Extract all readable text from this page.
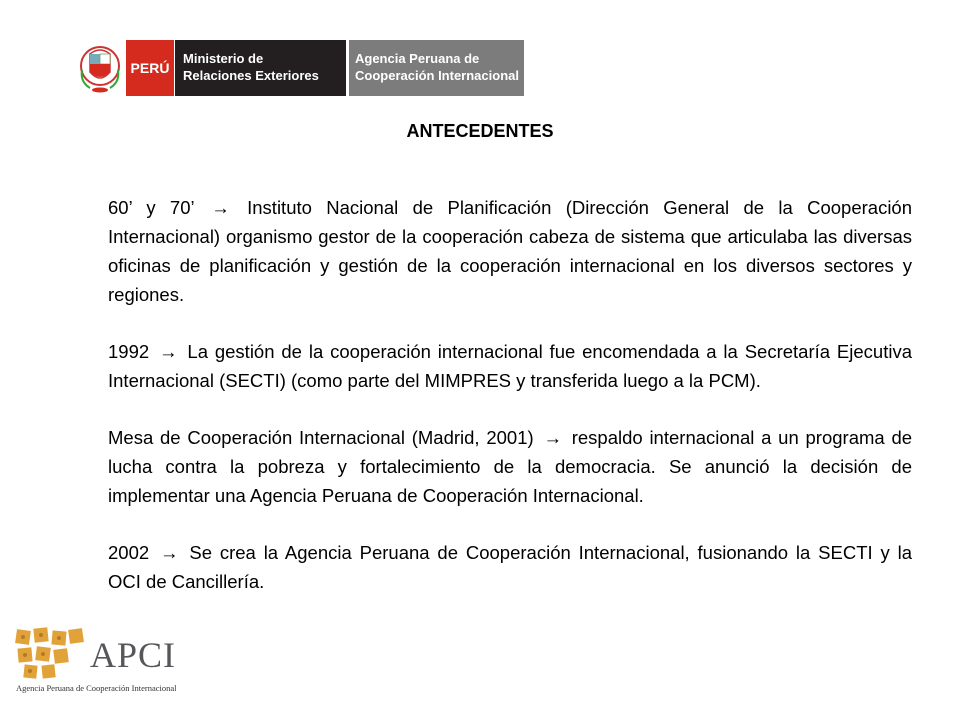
PERÚ
Ministerio de
Relaciones Exteriores
Agencia Peruana de
Cooperación Internacional
ANTECEDENTES

60’ y 70’ → Instituto Nacional de Planificación (Dirección General de la Cooperación Internacional) organismo gestor de la cooperación cabeza de sistema que articulaba las diversas oficinas de planificación y gestión de la cooperación internacional en los diversos sectores y regiones.

1992 → La gestión de la cooperación internacional fue encomendada a la Secretaría Ejecutiva Internacional (SECTI) (como parte del MIMPRES y transferida luego a la PCM).

Mesa de Cooperación Internacional (Madrid, 2001) → respaldo internacional a un programa de lucha contra la pobreza y fortalecimiento de la democracia. Se anunció la decisión de implementar una Agencia Peruana de Cooperación Internacional.

2002 → Se crea la Agencia Peruana de Cooperación Internacional, fusionando la SECTI y la OCI de Cancillería.

APCI
Agencia Peruana de Cooperación Internacional
